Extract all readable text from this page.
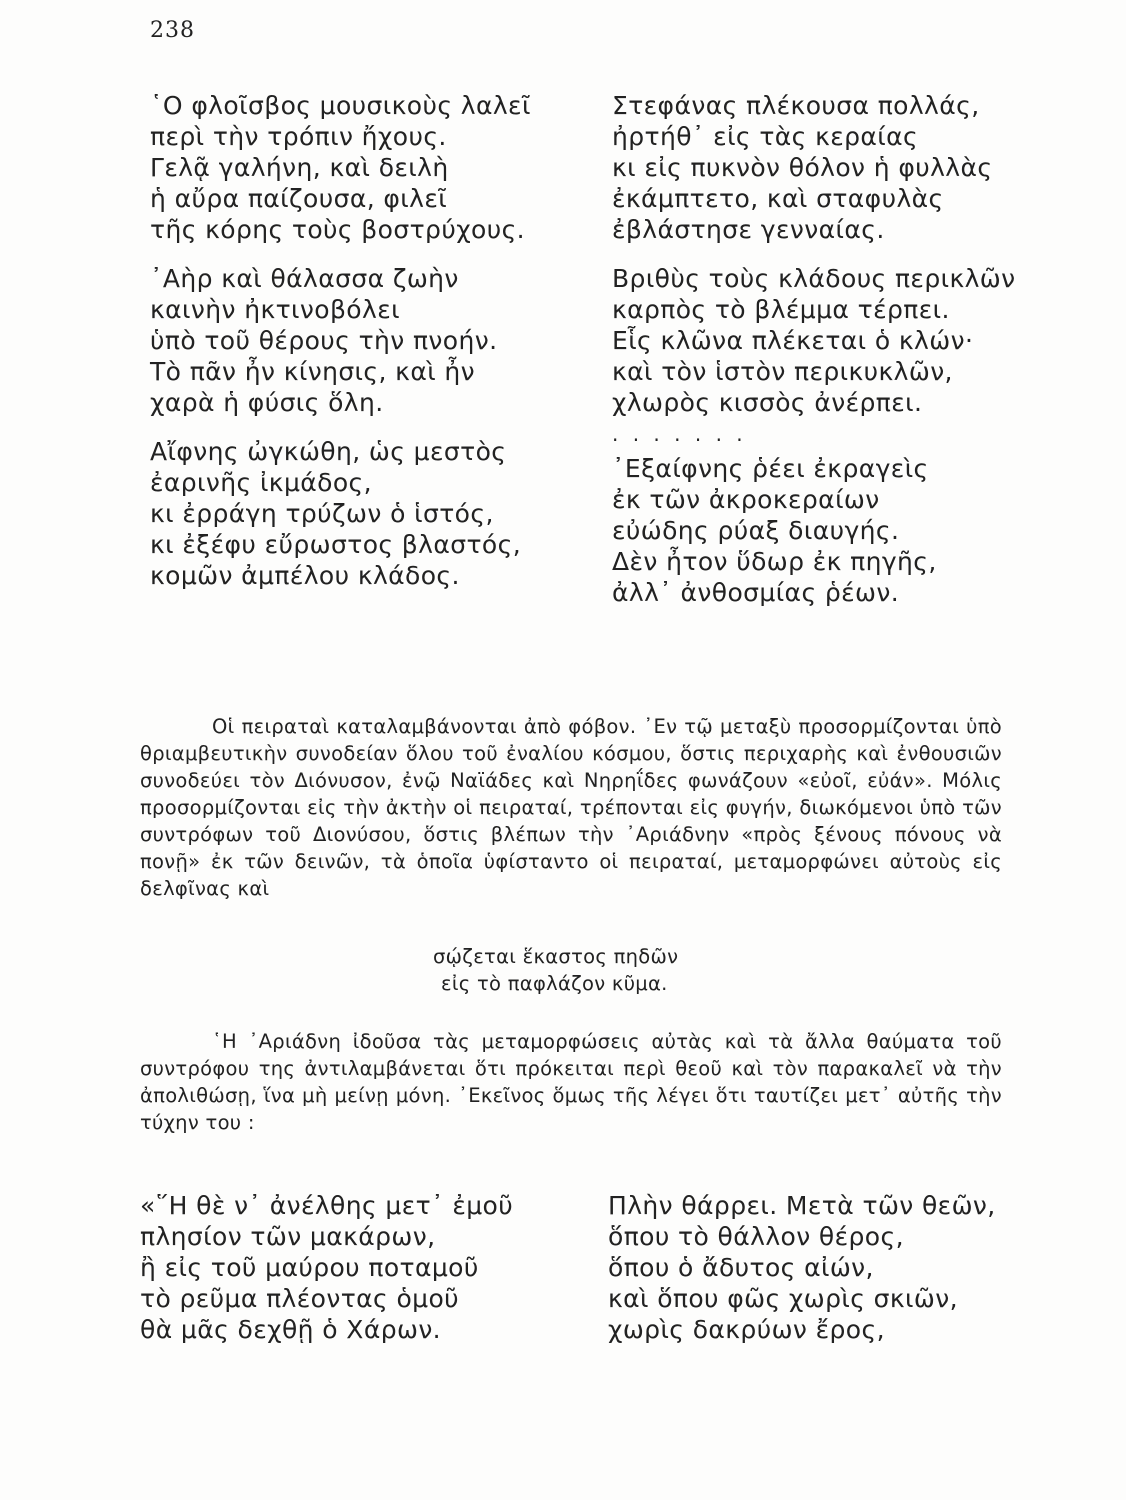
238
῾Ο φλοῖσβος μουσικοὺς λαλεῖ
περὶ τὴν τρόπιν ἤχους.
Γελᾷ γαλήνη, καὶ δειλὴ
ἡ αὔρα παίζουσα, φιλεῖ
τῆς κόρης τοὺς βοστρύχους.
᾿Αὴρ καὶ θάλασσα ζωὴν
καινὴν ἠκτινοβόλει
ὑπὸ τοῦ θέρους τὴν πνοήν.
Τὸ πᾶν ἦν κίνησις, καὶ ἦν
χαρὰ ἡ φύσις ὅλη.
Αἴφνης ὠγκώθη, ὡς μεστὸς
ἐαρινῆς ἰκμάδος,
κι ἐρράγη τρύζων ὁ ἱστός,
κι ἐξέφυ εὔρωστος βλαστός,
κομῶν ἀμπέλου κλάδος.
Στεφάνας πλέκουσα πολλάς,
ἠρτήθ᾿ εἰς τὰς κεραίας
κι εἰς πυκνὸν θόλον ἡ φυλλὰς
ἐκάμπτετο, καὶ σταφυλὰς
ἐβλάστησε γενναίας.
Βριθὺς τοὺς κλάδους περικλῶν
καρπὸς τὸ βλέμμα τέρπει.
Εἷς κλῶνα πλέκεται ὁ κλών·
καὶ τὸν ἱστὸν περικυκλῶν,
χλωρὸς κισσὸς ἀνέρπει.
. . . . . . .
᾿Εξαίφνης ῥέει ἐκραγεὶς
ἐκ τῶν ἀκροκεραίων
εὐώδης ρύαξ διαυγής.
Δὲν ἦτον ὕδωρ ἐκ πηγῆς,
ἀλλ᾿ ἀνθοσμίας ῥέων.

Οἱ πειραταὶ καταλαμβάνονται ἀπὸ φόβον. ᾿Εν τῷ μεταξὺ προσορμίζονται ὑπὸ θριαμβευτικὴν συνοδείαν ὅλου τοῦ ἐναλίου κόσμου, ὅστις περιχαρὴς καὶ ἐνθουσιῶν συνοδεύει τὸν Διόνυσον, ἐνῷ Ναϊάδες καὶ Νηρηΐδες φωνάζουν «εὐοῖ, εὐάν». Μόλις προσορμίζονται εἰς τὴν ἀκτὴν οἱ πειραταί, τρέπονται εἰς φυγήν, διωκόμενοι ὑπὸ τῶν συντρόφων τοῦ Διονύσου, ὅστις βλέπων τὴν ᾿Αριάδνην «πρὸς ξένους πόνους νὰ πονῇ» ἐκ τῶν δεινῶν, τὰ ὁποῖα ὑφίσταντο οἱ πειραταί, μεταμορφώνει αὐτοὺς εἰς δελφῖνας καὶ

σῴζεται ἕκαστος πηδῶν
εἰς τὸ παφλάζον κῦμα.

῾Η ᾿Αριάδνη ἰδοῦσα τὰς μεταμορφώσεις αὐτὰς καὶ τὰ ἄλλα θαύματα τοῦ συντρόφου της ἀντιλαμβάνεται ὅτι πρόκειται περὶ θεοῦ καὶ τὸν παρακαλεῖ νὰ τὴν ἀπολιθώσῃ, ἵνα μὴ μείνῃ μόνη. ᾿Εκεῖνος ὅμως τῆς λέγει ὅτι ταυτίζει μετ᾿ αὐτῆς τὴν τύχην του :

«῞Η θὲ ν᾿ ἀνέλθης μετ᾿ ἐμοῦ
πλησίον τῶν μακάρων,
ἢ εἰς τοῦ μαύρου ποταμοῦ
τὸ ρεῦμα πλέοντας ὁμοῦ
θὰ μᾶς δεχθῇ ὁ Χάρων.
Πλὴν θάρρει. Μετὰ τῶν θεῶν,
ὅπου τὸ θάλλον θέρος,
ὅπου ὁ ἄδυτος αἰών,
καὶ ὅπου φῶς χωρὶς σκιῶν,
χωρὶς δακρύων ἔρος,
